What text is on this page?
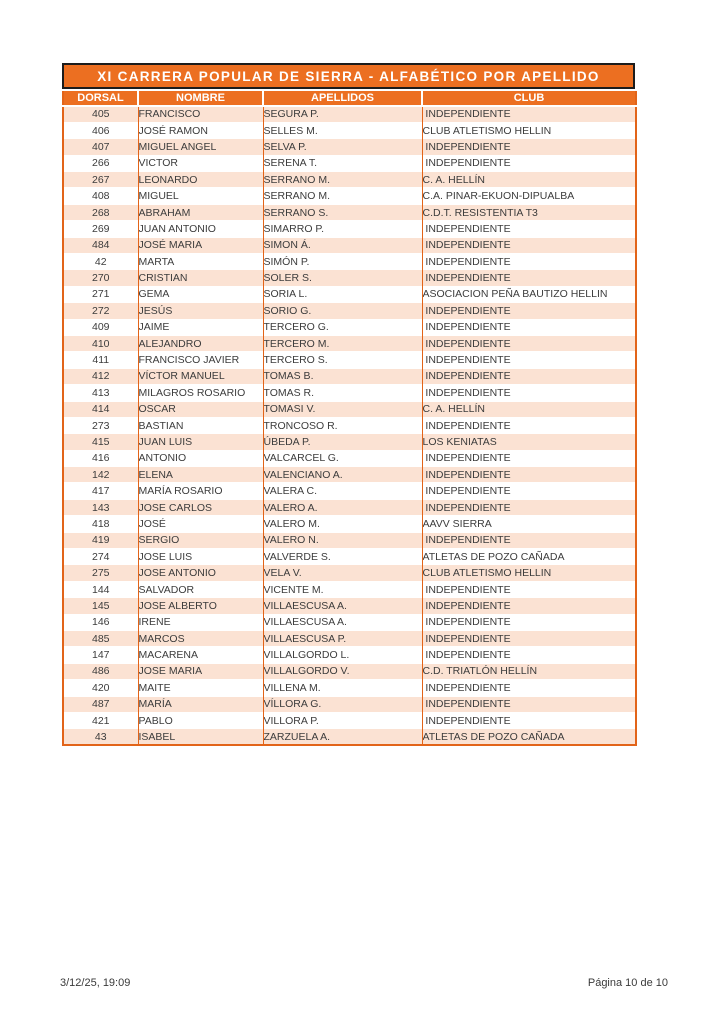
XI CARRERA POPULAR DE SIERRA - ALFABÉTICO POR APELLIDO
DORSAL	NOMBRE	APELLIDOS	CLUB
405	FRANCISCO	SEGURA P.	INDEPENDIENTE
406	JOSÉ RAMON	SELLES M.	CLUB ATLETISMO HELLIN
407	MIGUEL ANGEL	SELVA P.	INDEPENDIENTE
266	VICTOR	SERENA T.	INDEPENDIENTE
267	LEONARDO	SERRANO M.	C. A. HELLÍN
408	MIGUEL	SERRANO M.	C.A. PINAR-EKUON-DIPUALBA
268	ABRAHAM	SERRANO S.	C.D.T. RESISTENTIA T3
269	JUAN ANTONIO	SIMARRO P.	INDEPENDIENTE
484	JOSÉ MARIA	SIMON Á.	INDEPENDIENTE
42	MARTA	SIMÓN P.	INDEPENDIENTE
270	CRISTIAN	SOLER S.	INDEPENDIENTE
271	GEMA	SORIA L.	ASOCIACION PEÑA BAUTIZO HELLIN
272	JESÚS	SORIO G.	INDEPENDIENTE
409	JAIME	TERCERO G.	INDEPENDIENTE
410	ALEJANDRO	TERCERO M.	INDEPENDIENTE
411	FRANCISCO JAVIER	TERCERO S.	INDEPENDIENTE
412	VÍCTOR MANUEL	TOMAS B.	INDEPENDIENTE
413	MILAGROS ROSARIO	TOMAS R.	INDEPENDIENTE
414	OSCAR	TOMASI V.	C. A. HELLÍN
273	BASTIAN	TRONCOSO R.	INDEPENDIENTE
415	JUAN LUIS	ÚBEDA P.	LOS KENIATAS
416	ANTONIO	VALCARCEL G.	INDEPENDIENTE
142	ELENA	VALENCIANO A.	INDEPENDIENTE
417	MARÍA ROSARIO	VALERA C.	INDEPENDIENTE
143	JOSE CARLOS	VALERO A.	INDEPENDIENTE
418	JOSÉ	VALERO M.	AAVV SIERRA
419	SERGIO	VALERO N.	INDEPENDIENTE
274	JOSE LUIS	VALVERDE S.	ATLETAS DE POZO CAÑADA
275	JOSE ANTONIO	VELA V.	CLUB ATLETISMO HELLIN
144	SALVADOR	VICENTE M.	INDEPENDIENTE
145	JOSE ALBERTO	VILLAESCUSA A.	INDEPENDIENTE
146	IRENE	VILLAESCUSA A.	INDEPENDIENTE
485	MARCOS	VILLAESCUSA P.	INDEPENDIENTE
147	MACARENA	VILLALGORDO L.	INDEPENDIENTE
486	JOSE MARIA	VILLALGORDO V.	C.D. TRIATLÓN HELLÍN
420	MAITE	VILLENA M.	INDEPENDIENTE
487	MARÍA	VÍLLORA G.	INDEPENDIENTE
421	PABLO	VILLORA P.	INDEPENDIENTE
43	ISABEL	ZARZUELA A.	ATLETAS DE POZO CAÑADA
3/12/25, 19:09	Página 10 de 10
